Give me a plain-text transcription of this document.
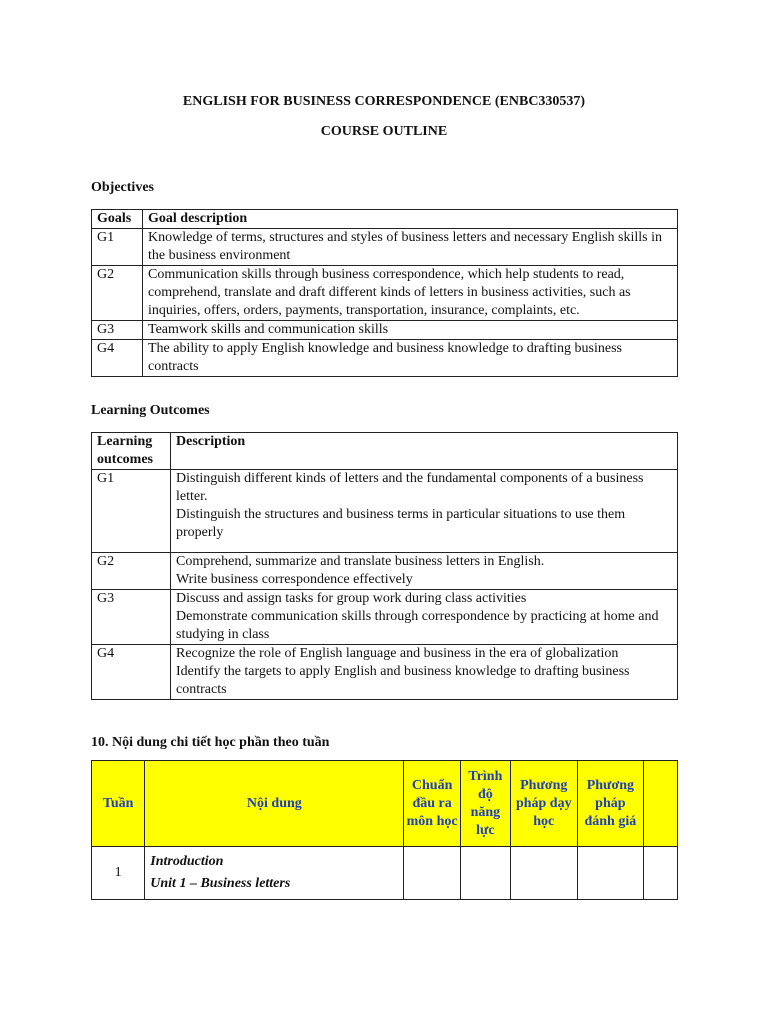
ENGLISH FOR BUSINESS CORRESPONDENCE (ENBC330537)
COURSE OUTLINE
Objectives
Goals	Goal description
G1	Knowledge of terms, structures and styles of business letters and necessary English skills in the business environment
G2	Communication skills through business correspondence, which help students to read, comprehend, translate and draft different kinds of letters in business activities, such as inquiries, offers, orders, payments, transportation, insurance, complaints, etc.
G3	Teamwork skills and communication skills
G4	The ability to apply English knowledge and business knowledge to drafting business contracts
Learning Outcomes
Learning outcomes	Description
G1	Distinguish different kinds of letters and the fundamental components of a business letter.
Distinguish the structures and business terms in particular situations to use them properly

G2	Comprehend, summarize and translate business letters in English.
Write business correspondence effectively

G3	Discuss and assign tasks for group work during class activities
Demonstrate communication skills through correspondence by practicing at home and studying in class

G4	Recognize the role of English language and business in the era of globalization
Identify the targets to apply English and business knowledge to drafting business contracts
10. Nội dung chi tiết học phần theo tuần
Tuần	Nội dung	Chuẩn đầu ra môn học	Trình độ năng lực	Phương pháp dạy học	Phương pháp đánh giá	
1	Introduction
Unit 1 – Business letters					
